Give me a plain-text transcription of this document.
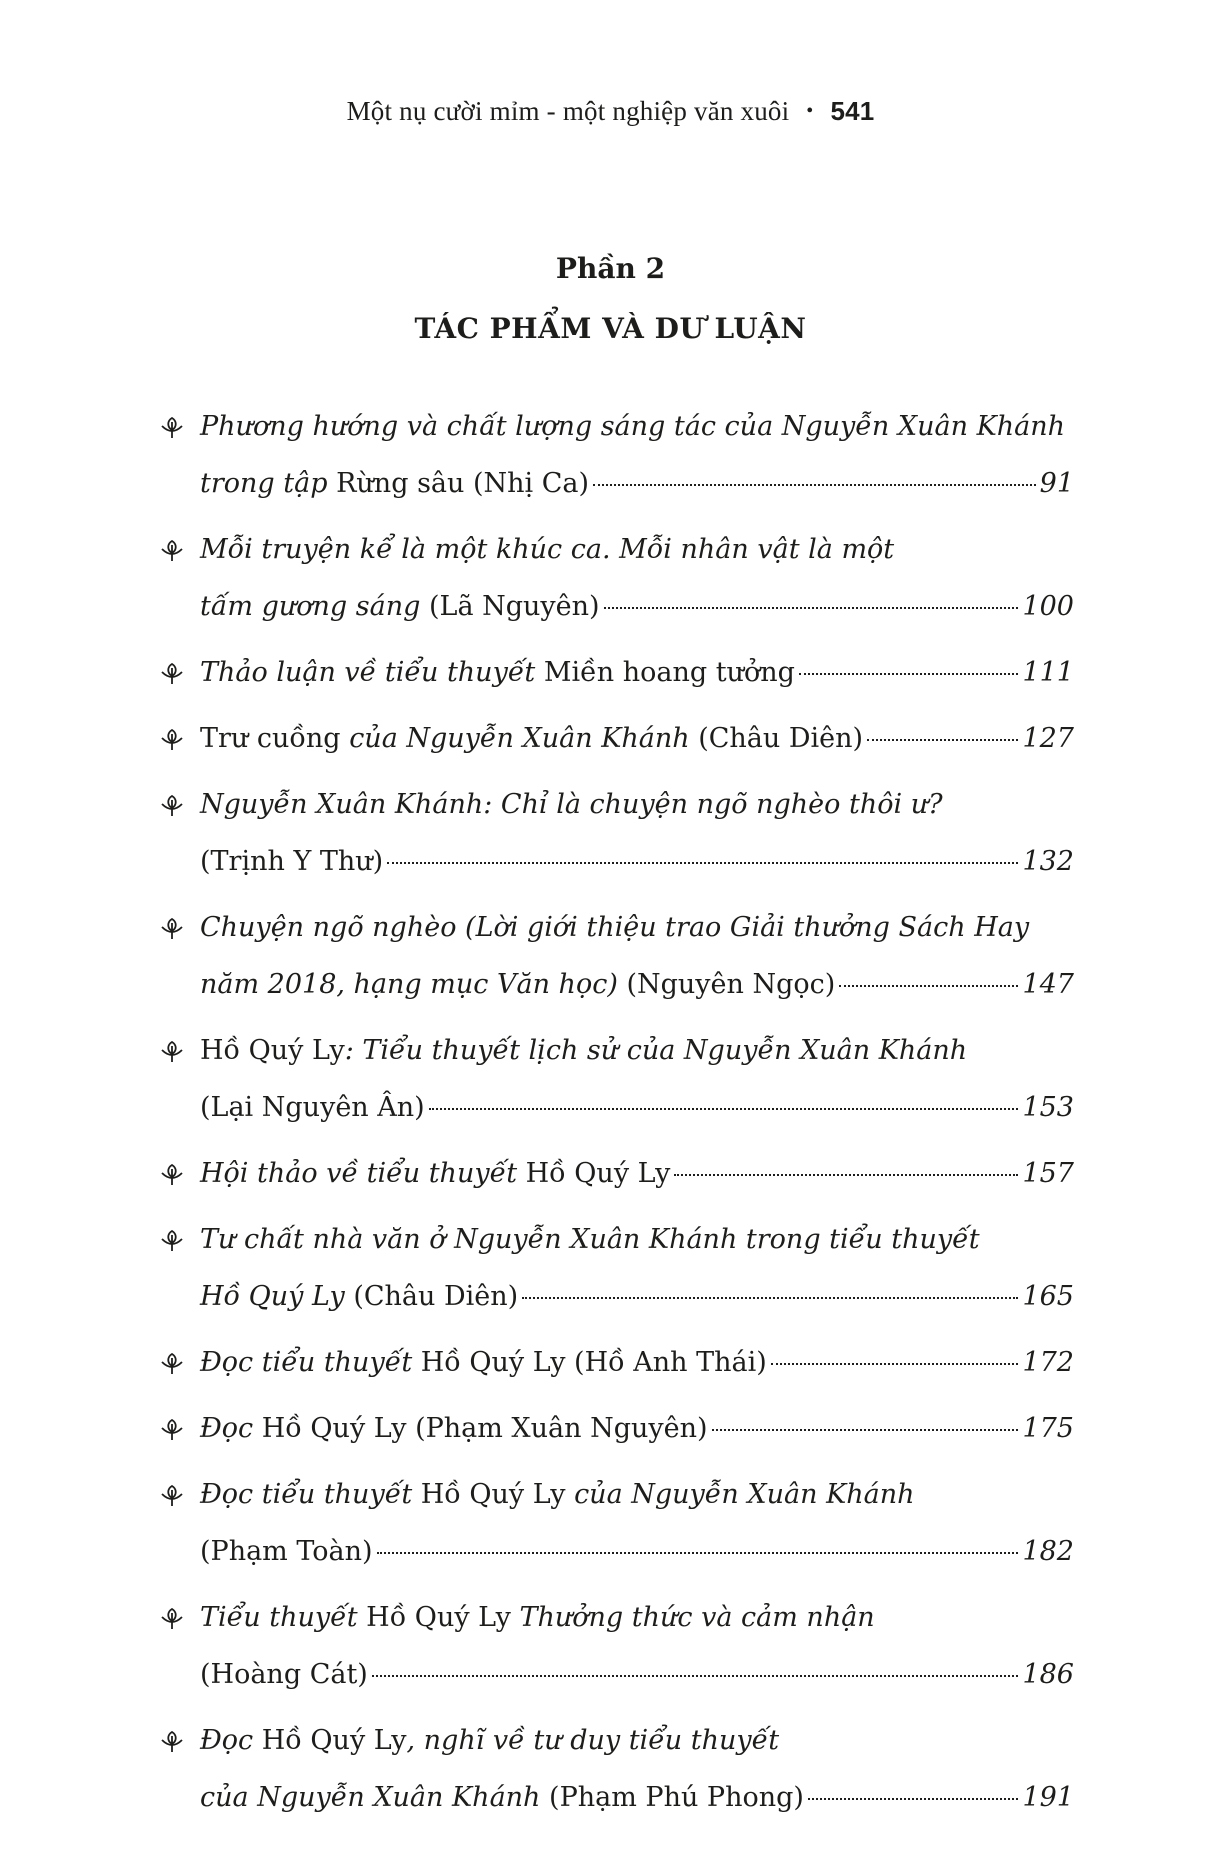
Một nụ cười mỉm - một nghiệp văn xuôi • 541
Phần 2
TÁC PHẨM VÀ DƯ LUẬN
Phương hướng và chất lượng sáng tác của Nguyễn Xuân Khánh
trong tập Rừng sâu (Nhị Ca)	91
Mỗi truyện kể là một khúc ca. Mỗi nhân vật là một
tấm gương sáng (Lã Nguyên)	100
Thảo luận về tiểu thuyết Miền hoang tưởng	111
Trư cuồng của Nguyễn Xuân Khánh (Châu Diên)	127
Nguyễn Xuân Khánh: Chỉ là chuyện ngõ nghèo thôi ư?
(Trịnh Y Thư)	132
Chuyện ngõ nghèo (Lời giới thiệu trao Giải thưởng Sách Hay
năm 2018, hạng mục Văn học) (Nguyên Ngọc)	147
Hồ Quý Ly: Tiểu thuyết lịch sử của Nguyễn Xuân Khánh
(Lại Nguyên Ân)	153
Hội thảo về tiểu thuyết Hồ Quý Ly	157
Tư chất nhà văn ở Nguyễn Xuân Khánh trong tiểu thuyết
Hồ Quý Ly (Châu Diên)	165
Đọc tiểu thuyết Hồ Quý Ly (Hồ Anh Thái)	172
Đọc Hồ Quý Ly (Phạm Xuân Nguyên)	175
Đọc tiểu thuyết Hồ Quý Ly của Nguyễn Xuân Khánh
(Phạm Toàn)	182
Tiểu thuyết Hồ Quý Ly Thưởng thức và cảm nhận
(Hoàng Cát)	186
Đọc Hồ Quý Ly, nghĩ về tư duy tiểu thuyết
của Nguyễn Xuân Khánh (Phạm Phú Phong)	191
